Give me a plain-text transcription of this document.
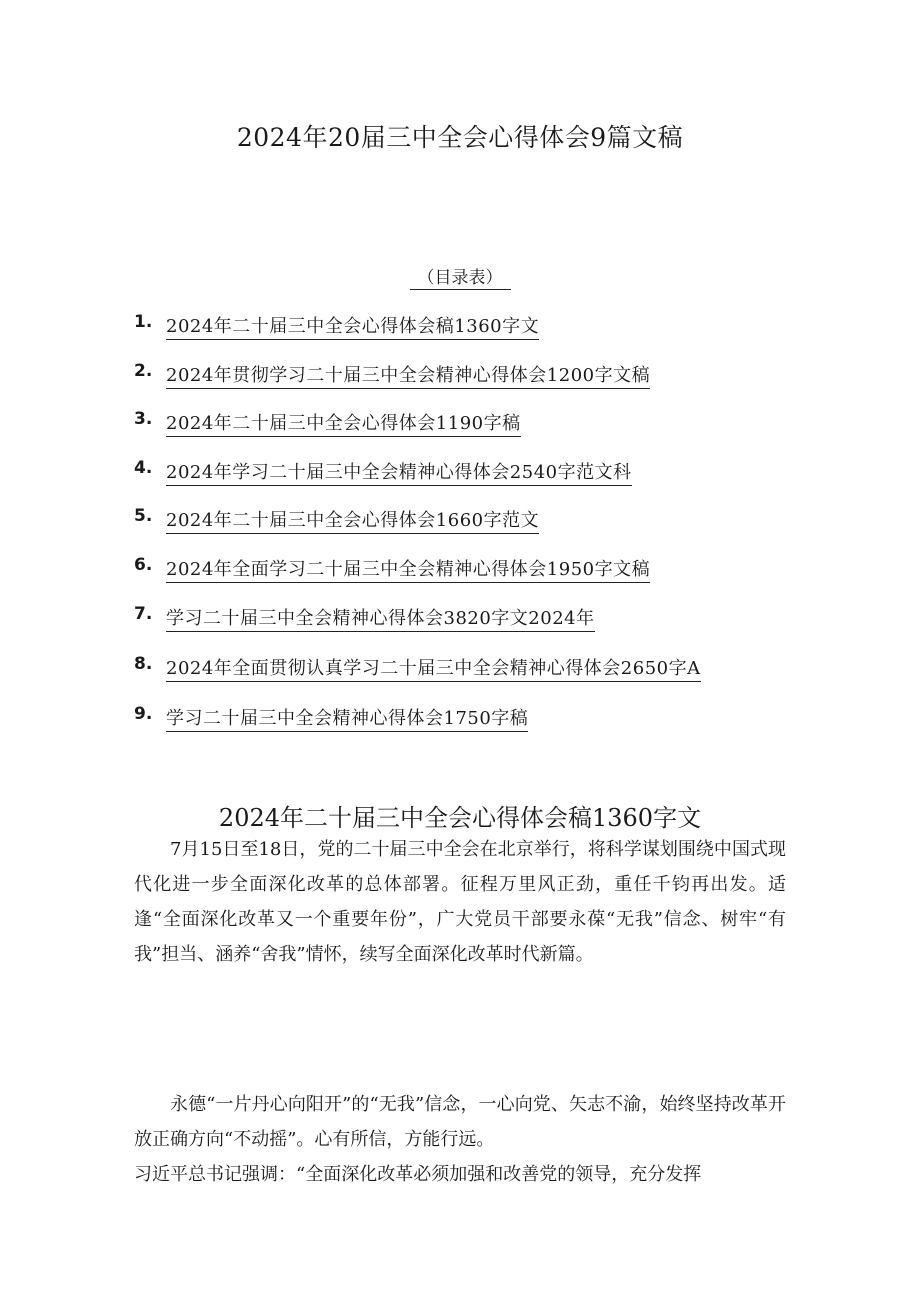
2024年20届三中全会心得体会9篇文稿
（目录表）
1. 2024年二十届三中全会心得体会稿1360字文
2. 2024年贯彻学习二十届三中全会精神心得体会1200字文稿
3. 2024年二十届三中全会心得体会1190字稿
4. 2024年学习二十届三中全会精神心得体会2540字范文科
5. 2024年二十届三中全会心得体会1660字范文
6. 2024年全面学习二十届三中全会精神心得体会1950字文稿
7. 学习二十届三中全会精神心得体会3820字文2024年
8. 2024年全面贯彻认真学习二十届三中全会精神心得体会2650字A
9. 学习二十届三中全会精神心得体会1750字稿
2024年二十届三中全会心得体会稿1360字文

7月15日至18日，党的二十届三中全会在北京举行，将科学谋划围绕中国式现代化进一步全面深化改革的总体部署。征程万里风正劲，重任千钧再出发。适逢“全面深化改革又一个重要年份”，广大党员干部要永葆“无我”信念、树牢“有我”担当、涵养“舍我”情怀，续写全面深化改革时代新篇。

永德“一片丹心向阳开”的“无我”信念，一心向党、矢志不渝，始终坚持改革开放正确方向“不动摇”。心有所信，方能行远。

习近平总书记强调：“全面深化改革必须加强和改善党的领导，充分发挥
